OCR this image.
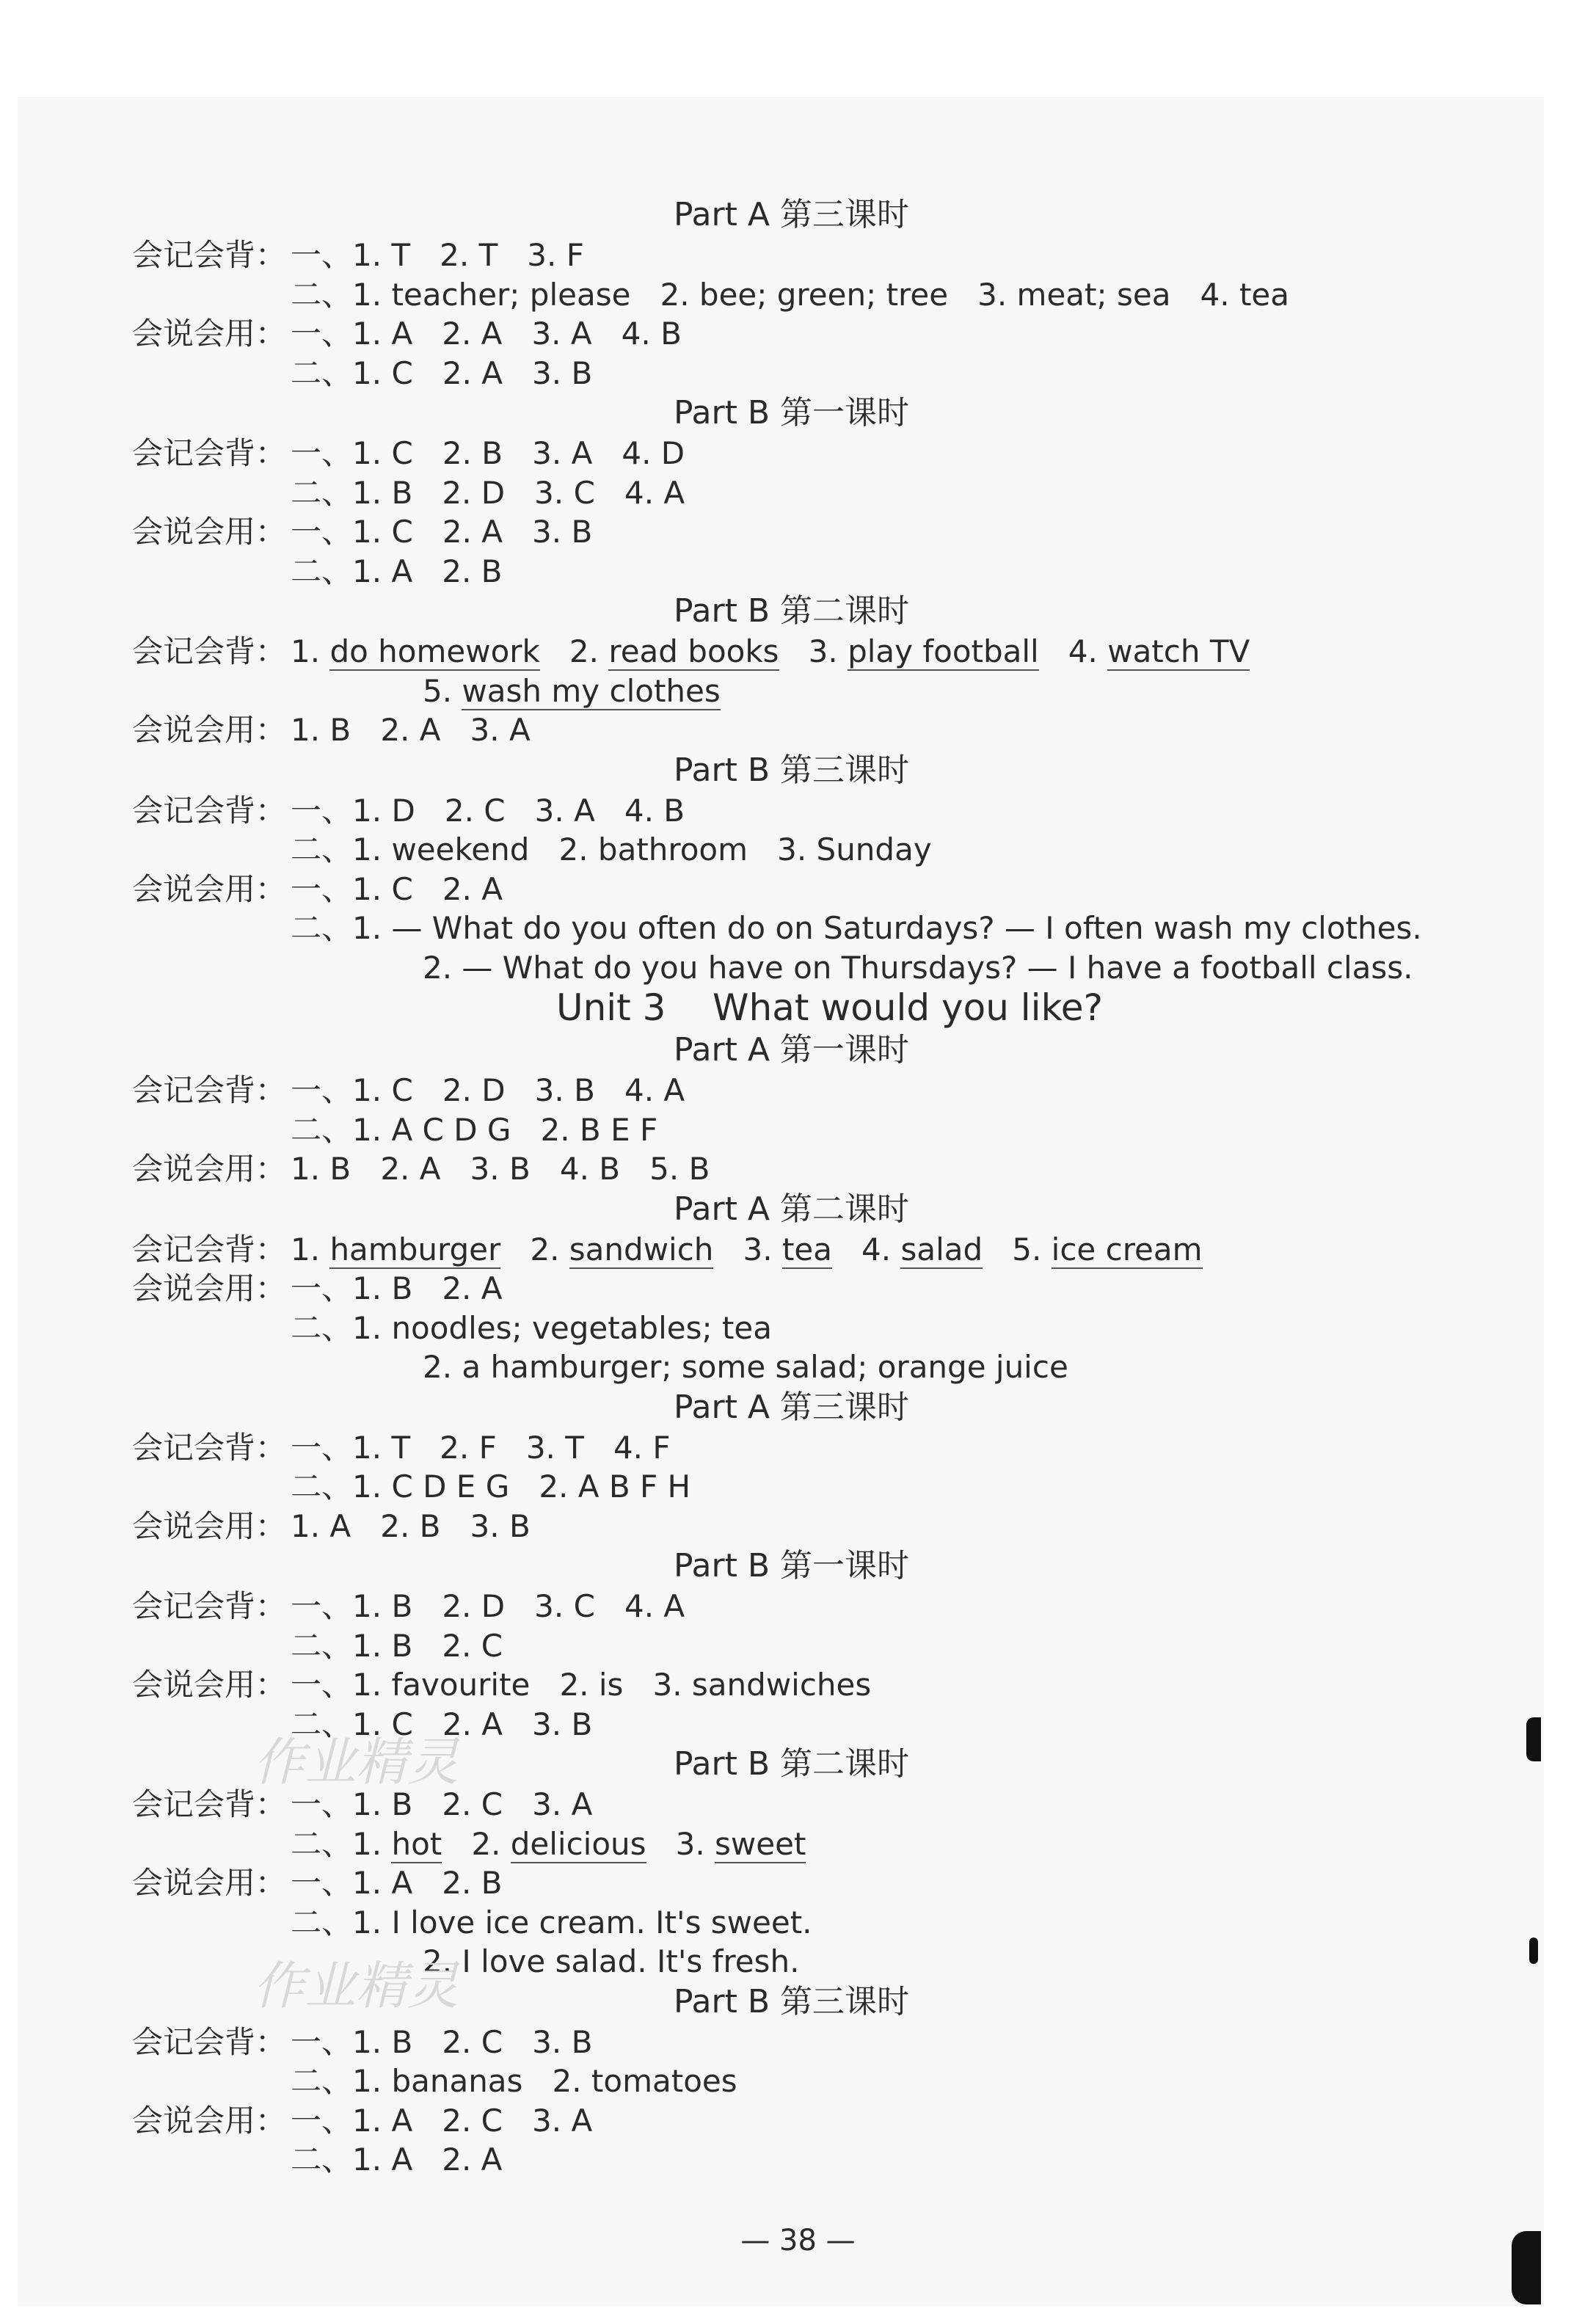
Part A 第三课时
会记会背： 一、1. T 2. T 3. F
二、1. teacher; please 2. bee; green; tree 3. meat; sea 4. tea
会说会用： 一、1. A 2. A 3. A 4. B
二、1. C 2. A 3. B
Part B 第一课时
会记会背： 一、1. C 2. B 3. A 4. D
二、1. B 2. D 3. C 4. A
会说会用： 一、1. C 2. A 3. B
二、1. A 2. B
Part B 第二课时
会记会背： 1. do homework 2. read books 3. play football 4. watch TV
5. wash my clothes
会说会用： 1. B 2. A 3. A
Part B 第三课时
会记会背： 一、1. D 2. C 3. A 4. B
二、1. weekend 2. bathroom 3. Sunday
会说会用： 一、1. C 2. A
二、1. — What do you often do on Saturdays? — I often wash my clothes.
2. — What do you have on Thursdays? — I have a football class.
Unit 3    What would you like?
Part A 第一课时
会记会背： 一、1. C 2. D 3. B 4. A
二、1. A C D G 2. B E F
会说会用： 1. B 2. A 3. B 4. B 5. B
Part A 第二课时
会记会背： 1. hamburger 2. sandwich 3. tea 4. salad 5. ice cream
会说会用： 一、1. B 2. A
二、1. noodles; vegetables; tea
2. a hamburger; some salad; orange juice
Part A 第三课时
会记会背： 一、1. T 2. F 3. T 4. F
二、1. C D E G 2. A B F H
会说会用： 1. A 2. B 3. B
Part B 第一课时
会记会背： 一、1. B 2. D 3. C 4. A
二、1. B 2. C
会说会用： 一、1. favourite 2. is 3. sandwiches
二、1. C 2. A 3. B
Part B 第二课时
会记会背： 一、1. B 2. C 3. A
二、1. hot 2. delicious 3. sweet
会说会用： 一、1. A 2. B
二、1. I love ice cream. It's sweet.
2. I love salad. It's fresh.
Part B 第三课时
会记会背： 一、1. B 2. C 3. B
二、1. bananas 2. tomatoes
会说会用： 一、1. A 2. C 3. A
二、1. A 2. A
— 38 —
作业精灵
作业精灵
